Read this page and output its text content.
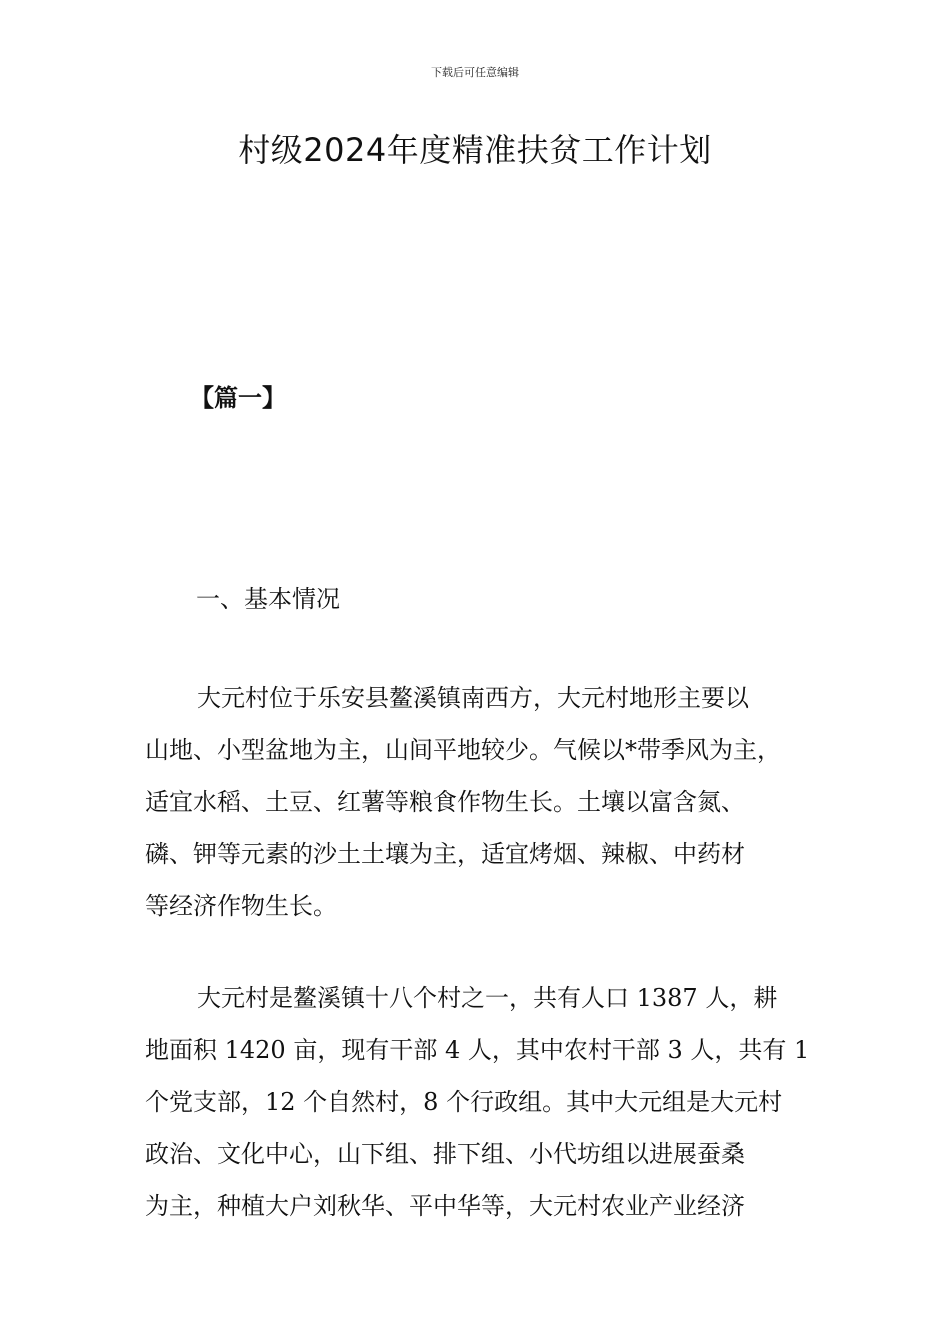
下载后可任意编辑
村级2024年度精准扶贫工作计划
【篇一】
一、基本情况
大元村位于乐安县鳌溪镇南西方，大元村地形主要以
山地、小型盆地为主，山间平地较少。气候以*带季风为主，
适宜水稻、土豆、红薯等粮食作物生长。土壤以富含氮、
磷、钾等元素的沙土土壤为主，适宜烤烟、辣椒、中药材
等经济作物生长。
大元村是鳌溪镇十八个村之一，共有人口 1387 人，耕
地面积 1420 亩，现有干部 4 人，其中农村干部 3 人，共有 1
个党支部，12 个自然村，8 个行政组。其中大元组是大元村
政治、文化中心，山下组、排下组、小代坊组以进展蚕桑
为主，种植大户刘秋华、平中华等，大元村农业产业经济
